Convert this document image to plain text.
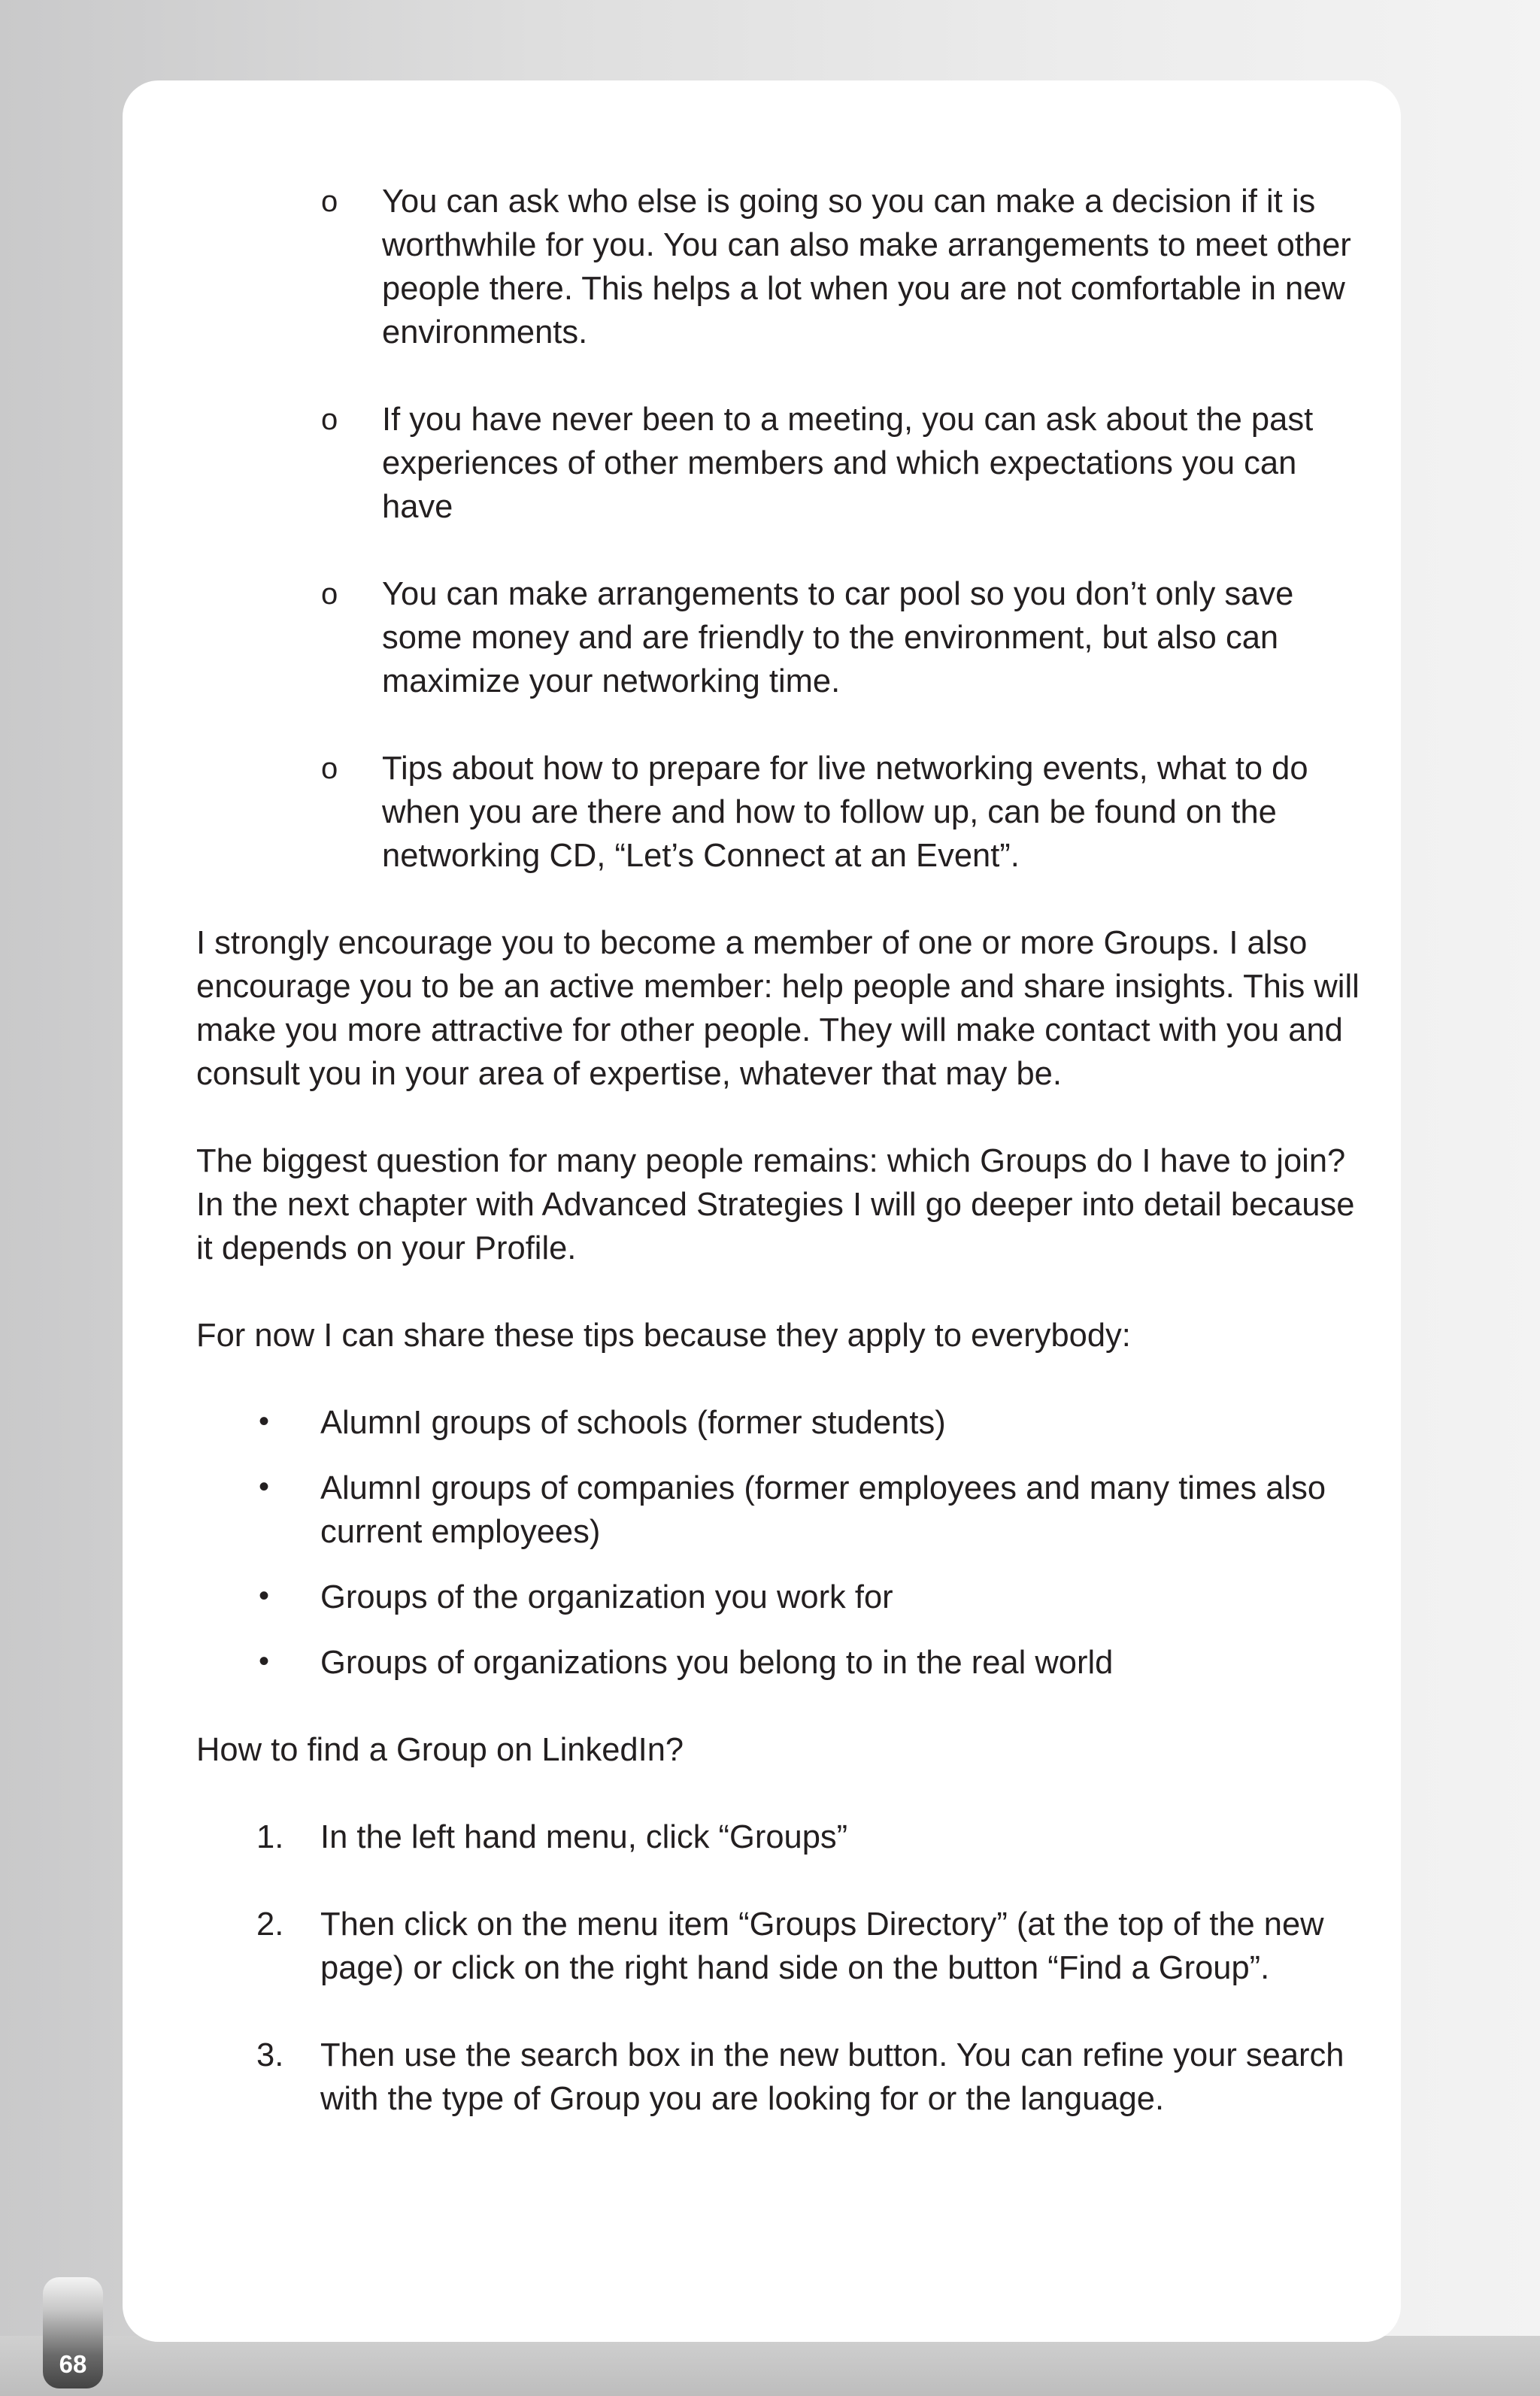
o You can ask who else is going so you can make a decision if it is worthwhile for you. You can also make arrangements to meet other people there. This helps a lot when you are not comfortable in new environments.
o If you have never been to a meeting, you can ask about the past experiences of other members and which expectations you can have
o You can make arrangements to car pool so you don’t only save some money and are friendly to the environment, but also can maximize your networking time.
o Tips about how to prepare for live networking events, what to do when you are there and how to follow up, can be found on the networking CD, “Let’s Connect at an Event”.

I strongly encourage you to become a member of one or more Groups. I also encourage you to be an active member: help people and share insights. This will make you more attractive for other people. They will make contact with you and consult you in your area of expertise, whatever that may be.

The biggest question for many people remains: which Groups do I have to join? In the next chapter with Advanced Strategies I will go deeper into detail because it depends on your Profile.

For now I can share these tips because they apply to everybody:

• AlumnI groups of schools (former students)
• AlumnI groups of companies (former employees and many times also current employees)
• Groups of the organization you work for
• Groups of organizations you belong to in the real world

How to find a Group on LinkedIn?

1. In the left hand menu, click “Groups”
2. Then click on the menu item “Groups Directory” (at the top of the new page) or click on the right hand side on the button “Find a Group”.
3. Then use the search box in the new button. You can refine your search with the type of Group you are looking for or the language.
68
